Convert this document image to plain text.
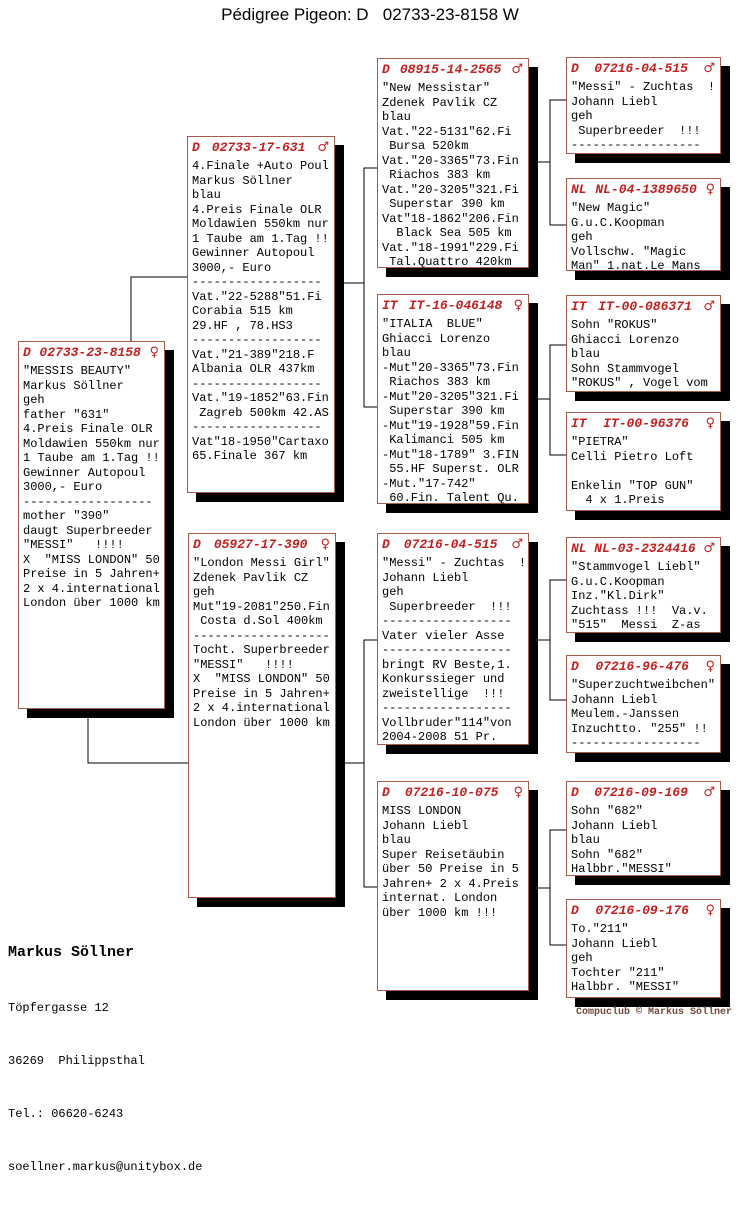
Pédigree Pigeon: D   02733-23-8158 W
D 02733-23-8158 ♀
"MESSIS BEAUTY"
Markus Söllner
geh
father "631"
4.Preis Finale OLR
Moldawien 550km nur
1 Taube am 1.Tag !!
Gewinner Autopoul
3000,- Euro
------------------
mother "390"
daugt Superbreeder
"MESSI"   !!!!
X  "MISS LONDON" 50
Preise in 5 Jahren+
2 x 4.international
London über 1000 km
D 02733-17-631 ♂
4.Finale +Auto Poul
Markus Söllner
blau
4.Preis Finale OLR
Moldawien 550km nur
1 Taube am 1.Tag !!
Gewinner Autopoul
3000,- Euro
------------------
Vat."22-5288"51.Fi
Corabia 515 km
29.HF , 78.HS3
------------------
Vat."21-389"218.F
Albania OLR 437km
------------------
Vat."19-1852"63.Fin
Zagreb 500km 42.AS
------------------
Vat"18-1950"Cartaxo
65.Finale 367 km
D	05927-17-390	♀
"London Messi Girl"
Zdenek Pavlik CZ
geh
Mut"19-2081"250.Fin
Costa d.Sol 400km
-------------------
Tocht. Superbreeder
"MESSI"   !!!!
X  "MISS LONDON" 50
Preise in 5 Jahren+
2 x 4.international
London über 1000 km
D 08915-14-2565 ♂
"New Messistar"
Zdenek Pavlik CZ
blau
Vat."22-5131"62.Fi
Bursa 520km
Vat."20-3365"73.Fin
Riachos 383 km
Vat."20-3205"321.Fi
Superstar 390 km
Vat"18-1862"206.Fin
Black Sea 505 km
Vat."18-1991"229.Fi
Tal.Quattro 420km
IT IT-16-046148 ♀
"ITALIA  BLUE"
Ghiacci Lorenzo
blau
-Mut"20-3365"73.Fin
Riachos 383 km
-Mut"20-3205"321.Fi
Superstar 390 km
-Mut"19-1928"59.Fin
Kalimanci 505 km
-Mut"18-1789" 3.FIN
55.HF Superst. OLR
-Mut."17-742"
60.Fin. Talent Qu.
D	07216-04-515	♂
"Messi" - Zuchtas  !
Johann Liebl
geh
Superbreeder  !!!
------------------
Vater vieler Asse
------------------
bringt RV Beste,1.
Konkurssieger und
zweistellige  !!!
------------------
Vollbruder"114"von
2004-2008 51 Pr.
D	07216-10-075	♀
MISS LONDON
Johann Liebl
blau
Super Reisetäubin
über 50 Preise in 5
Jahren+ 2 x 4.Preis
internat. London
über 1000 km !!!
D	07216-04-515	♂
"Messi" - Zuchtas  !
Johann Liebl
geh
Superbreeder  !!!
------------------
NL NL-04-1389650 ♀
"New Magic"
G.u.C.Koopman
geh
Vollschw. "Magic
Man" 1.nat.Le Mans
IT IT-00-086371 ♂
Sohn "ROKUS"
Ghiacci Lorenzo
blau
Sohn Stammvogel
"ROKUS" , Vogel vom
IT	IT-00-96376	♀
"PIETRA"
Celli Pietro Loft

Enkelin "TOP GUN"
4 x 1.Preis
NL NL-03-2324416 ♂
"Stammvogel Liebl"
G.u.C.Koopman
Inz."Kl.Dirk"
Zuchtass !!!  Va.v.
"515"  Messi  Z-as
D	07216-96-476	♀
"Superzuchtweibchen"
Johann Liebl
Meulem.-Janssen
Inzuchtto. "255" !!
------------------
D	07216-09-169	♂
Sohn "682"
Johann Liebl
blau
Sohn "682"
Halbbr."MESSI"
D	07216-09-176	♀
To."211"
Johann Liebl
geh
Tochter "211"
Halbbr. "MESSI"

Markus Söllner

Töpfergasse 12

36269  Philippsthal

Tel.: 06620-6243

soellner.markus@unitybox.de

Compuclub © Markus Söllner
